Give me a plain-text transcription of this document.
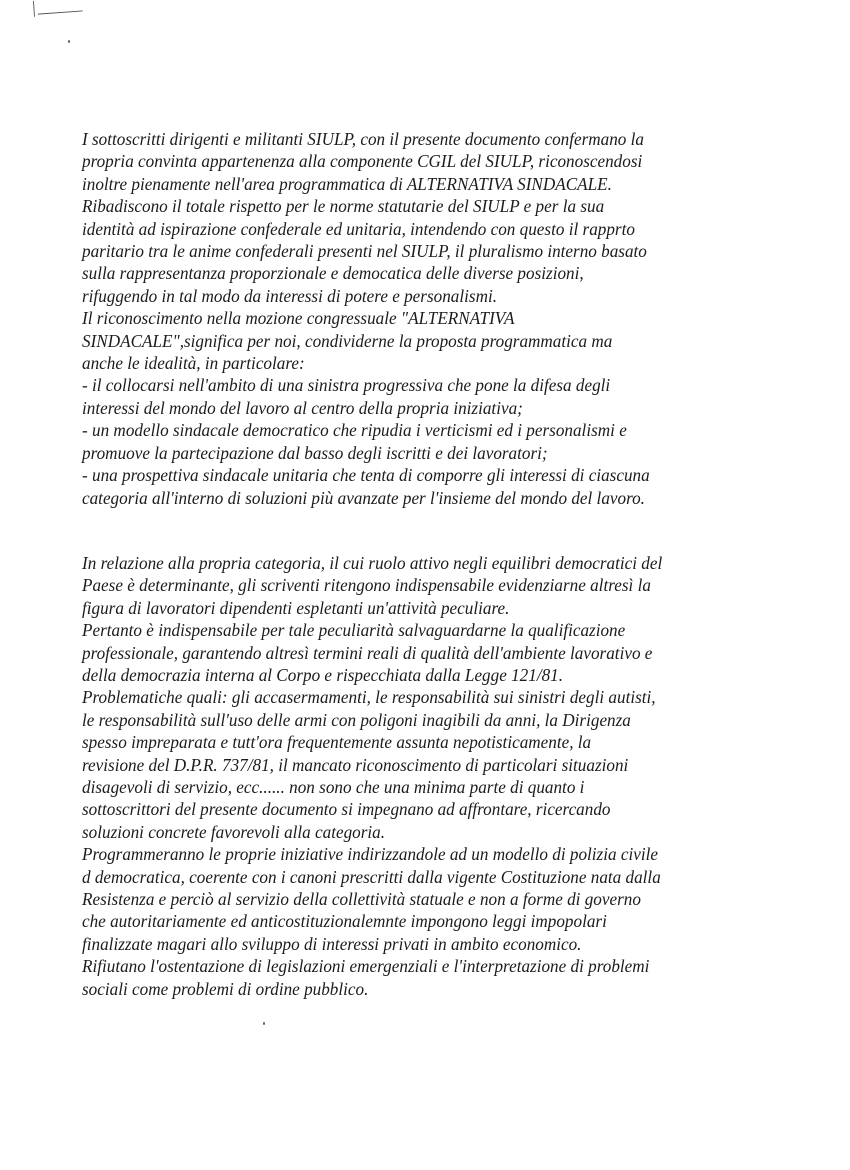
I sottoscritti dirigenti e militanti SIULP, con il presente documento confermano la
propria convinta appartenenza alla componente CGIL del SIULP, riconoscendosi
inoltre pienamente nell'area programmatica di ALTERNATIVA SINDACALE.
Ribadiscono il totale rispetto per le norme statutarie del SIULP e per la sua
identità ad ispirazione confederale ed unitaria, intendendo con questo il rapprto
paritario tra le anime confederali presenti nel SIULP, il pluralismo interno basato
sulla rappresentanza proporzionale e democatica delle diverse posizioni,
rifuggendo in tal modo da interessi di potere e personalismi.
Il riconoscimento nella mozione congressuale "ALTERNATIVA
SINDACALE",significa per noi, condividerne la proposta programmatica ma
anche le idealità, in particolare:
- il collocarsi nell'ambito di una sinistra progressiva che pone la difesa degli
interessi del mondo del lavoro al centro della propria iniziativa;
- un modello sindacale democratico che ripudia i verticismi ed i personalismi e
promuove la partecipazione dal basso degli iscritti e dei lavoratori;
- una prospettiva sindacale unitaria che tenta di comporre gli interessi di ciascuna
categoria all'interno di soluzioni più avanzate per l'insieme del mondo del lavoro.
In relazione alla propria categoria, il cui ruolo attivo negli equilibri democratici del
Paese è determinante, gli scriventi ritengono indispensabile evidenziarne altresì la
figura di lavoratori dipendenti espletanti un'attività peculiare.
Pertanto è indispensabile per tale peculiarità salvaguardarne la qualificazione
professionale, garantendo altresì termini reali di qualità dell'ambiente lavorativo e
della democrazia interna al Corpo e rispecchiata dalla Legge 121/81.
Problematiche quali: gli accasermamenti, le responsabilità sui sinistri degli autisti,
le responsabilità sull'uso delle armi con poligoni inagibili da anni, la Dirigenza
spesso impreparata e tutt'ora frequentemente assunta nepotisticamente, la
revisione del D.P.R. 737/81, il mancato riconoscimento di particolari situazioni
disagevoli di servizio, ecc...... non sono che una minima parte di quanto i
sottoscrittori del presente documento si impegnano ad affrontare, ricercando
soluzioni concrete favorevoli alla categoria.
Programmeranno le proprie iniziative indirizzandole ad un modello di polizia civile
d democratica, coerente con i canoni prescritti dalla vigente Costituzione nata dalla
Resistenza e perciò al servizio della collettività statuale e non a forme di governo
che autoritariamente ed anticostituzionalemnte impongono leggi impopolari
finalizzate magari allo sviluppo di interessi privati in ambito economico.
Rifiutano l'ostentazione di legislazioni emergenziali e l'interpretazione di problemi
sociali come problemi di ordine pubblico.
